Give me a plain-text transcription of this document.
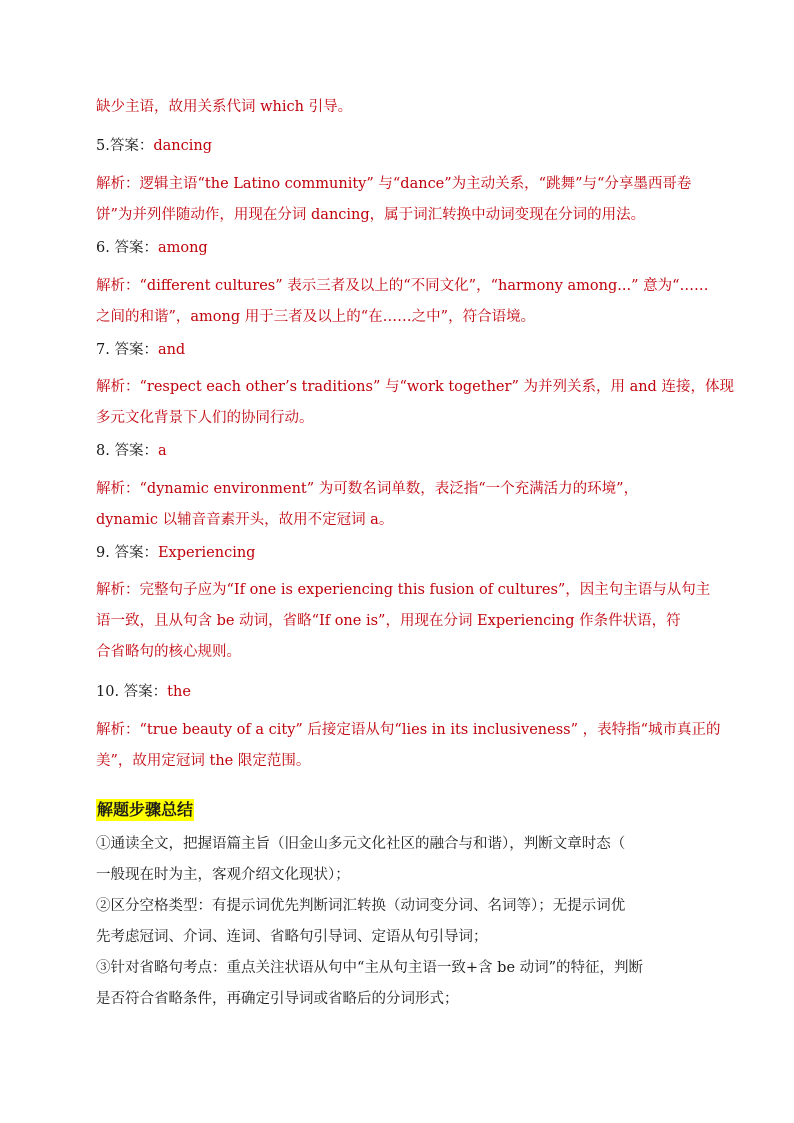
缺少主语，故用关系代词 which 引导。
5.答案：dancing
解析：逻辑主语“the Latino community” 与“dance”为主动关系，“跳舞”与“分享墨西哥卷
饼”为并列伴随动作，用现在分词 dancing，属于词汇转换中动词变现在分词的用法。
6. 答案：among
解析：“different cultures” 表示三者及以上的“不同文化”，“harmony among...” 意为“……
之间的和谐”，among 用于三者及以上的“在……之中”，符合语境。
7. 答案：and
解析：“respect each other’s traditions” 与“work together” 为并列关系，用 and 连接，体现
多元文化背景下人们的协同行动。
8. 答案：a
解析：“dynamic environment” 为可数名词单数，表泛指“一个充满活力的环境”，
dynamic 以辅音音素开头，故用不定冠词 a。
9. 答案：Experiencing
解析：完整句子应为“If one is experiencing this fusion of cultures”，因主句主语与从句主
语一致，且从句含 be 动词，省略“If one is”，用现在分词 Experiencing 作条件状语，符
合省略句的核心规则。
10. 答案：the
解析：“true beauty of a city” 后接定语从句“lies in its inclusiveness” ，表特指“城市真正的
美”，故用定冠词 the 限定范围。
解题步骤总结
①通读全文，把握语篇主旨（旧金山多元文化社区的融合与和谐），判断文章时态（
一般现在时为主，客观介绍文化现状）；
②区分空格类型：有提示词优先判断词汇转换（动词变分词、名词等）；无提示词优
先考虑冠词、介词、连词、省略句引导词、定语从句引导词；
③针对省略句考点：重点关注状语从句中“主从句主语一致+含 be 动词”的特征，判断
是否符合省略条件，再确定引导词或省略后的分词形式；
